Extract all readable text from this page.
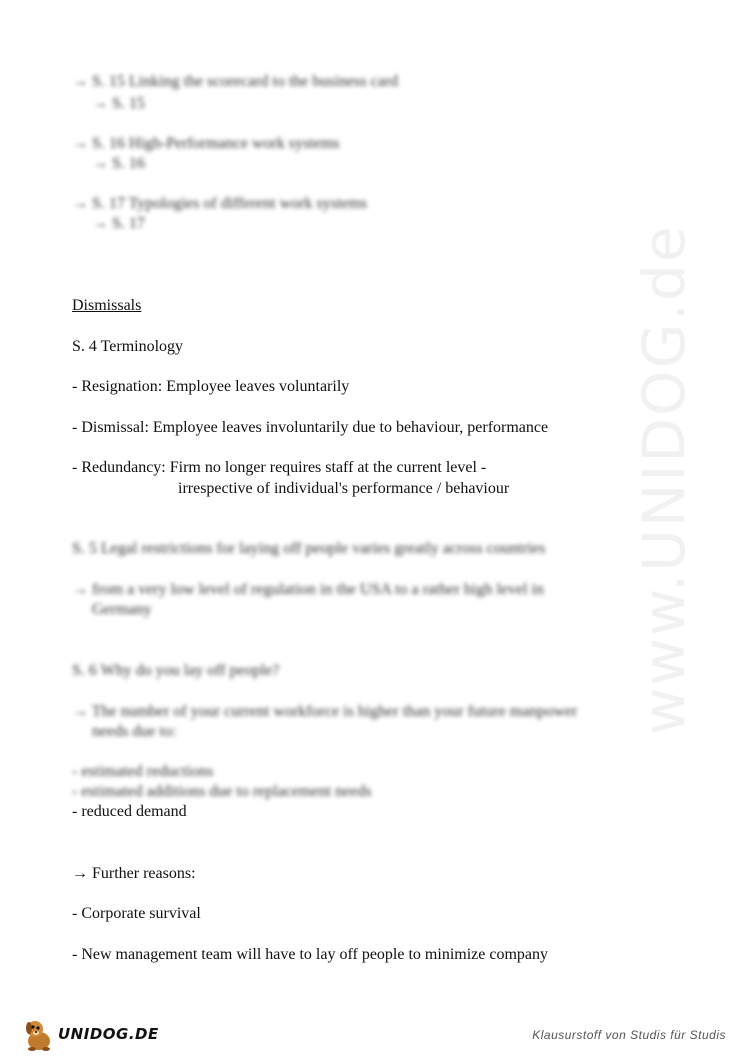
www.UNIDOG.de
→ S. 15 Linking the scorecard to the business card
→ S. 15
→ S. 16 High-Performance work systems
→ S. 16
→ S. 17 Typologies of different work systems
→ S. 17
Dismissals
S. 4 Terminology
- Resignation: Employee leaves voluntarily
- Dismissal: Employee leaves involuntarily due to behaviour, performance
- Redundancy: Firm no longer requires staff at the current level -
irrespective of individual's performance / behaviour
S. 5 Legal restrictions for laying off people varies greatly across countries
→ from a very low level of regulation in the USA to a rather high level in
Germany
S. 6 Why do you lay off people?
→ The number of your current workforce is higher than your future manpower
needs due to:
- estimated reductions
- estimated additions due to replacement needs
- reduced demand
→ Further reasons:
- Corporate survival
- New management team will have to lay off people to minimize company
UNIDOG.DE	Klausurstoff von Studis für Studis
